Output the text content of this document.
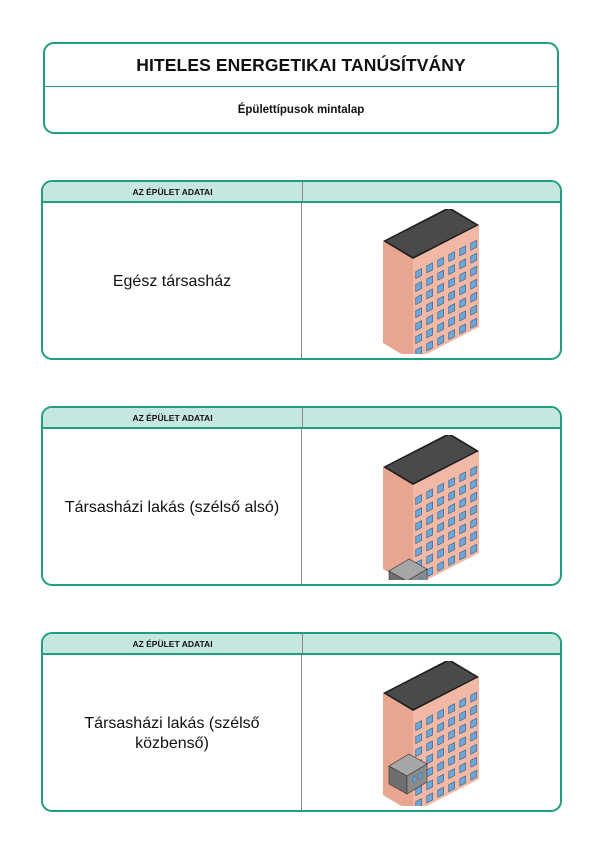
HITELES ENERGETIKAI TANÚSÍTVÁNY
Épülettípusok mintalap
AZ ÉPÜLET ADATAI
Egész társasház
AZ ÉPÜLET ADATAI
Társasházi lakás (szélső alsó)
AZ ÉPÜLET ADATAI
Társasházi lakás (szélső közbenső)
